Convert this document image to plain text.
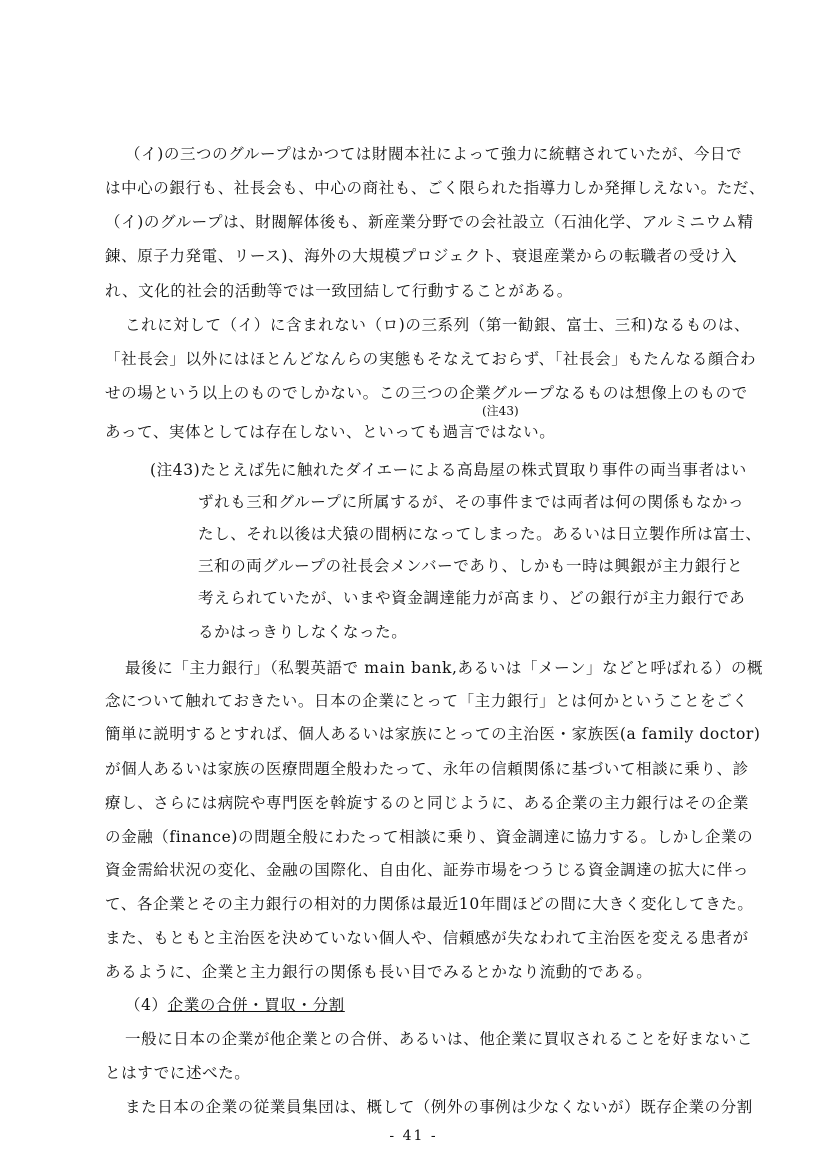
（イ)の三つのグループはかつては財閥本社によって強力に統轄されていたが、今日で
は中心の銀行も、社長会も、中心の商社も、ごく限られた指導力しか発揮しえない。ただ、
（イ)のグループは、財閥解体後も、新産業分野での会社設立（石油化学、アルミニウム精
錬、原子力発電、リース)、海外の大規模プロジェクト、衰退産業からの転職者の受け入
れ、文化的社会的活動等では一致団結して行動することがある。
これに対して（イ）に含まれない（ロ)の三系列（第一勧銀、富士、三和)なるものは、
「社長会」以外にはほとんどなんらの実態もそなえておらず、「社長会」もたんなる顔合わ
せの場という以上のものでしかない。この三つの企業グループなるものは想像上のもので
(注43)
あって、実体としては存在しない、といっても過言ではない。
(注43)たとえば先に触れたダイエーによる高島屋の株式買取り事件の両当事者はい
ずれも三和グループに所属するが、その事件までは両者は何の関係もなかっ
たし、それ以後は犬猿の間柄になってしまった。あるいは日立製作所は富士、
三和の両グループの社長会メンバーであり、しかも一時は興銀が主力銀行と
考えられていたが、いまや資金調達能力が高まり、どの銀行が主力銀行であ
るかはっきりしなくなった。
最後に「主力銀行」（私製英語で main bank,あるいは「メーン」などと呼ばれる）の概
念について触れておきたい。日本の企業にとって「主力銀行」とは何かということをごく
簡単に説明するとすれば、個人あるいは家族にとっての主治医・家族医(a family doctor)
が個人あるいは家族の医療問題全般わたって、永年の信頼関係に基づいて相談に乗り、診
療し、さらには病院や専門医を斡旋するのと同じように、ある企業の主力銀行はその企業
の金融（finance)の問題全般にわたって相談に乗り、資金調達に協力する。しかし企業の
資金需給状況の変化、金融の国際化、自由化、証券市場をつうじる資金調達の拡大に伴っ
て、各企業とその主力銀行の相対的力関係は最近10年間ほどの間に大きく変化してきた。
また、もともと主治医を決めていない個人や、信頼感が失なわれて主治医を変える患者が
あるように、企業と主力銀行の関係も長い目でみるとかなり流動的である。
（4）企業の合併・買収・分割
一般に日本の企業が他企業との合併、あるいは、他企業に買収されることを好まないこ
とはすでに述べた。
また日本の企業の従業員集団は、概して（例外の事例は少なくないが）既存企業の分割
- 41 -
